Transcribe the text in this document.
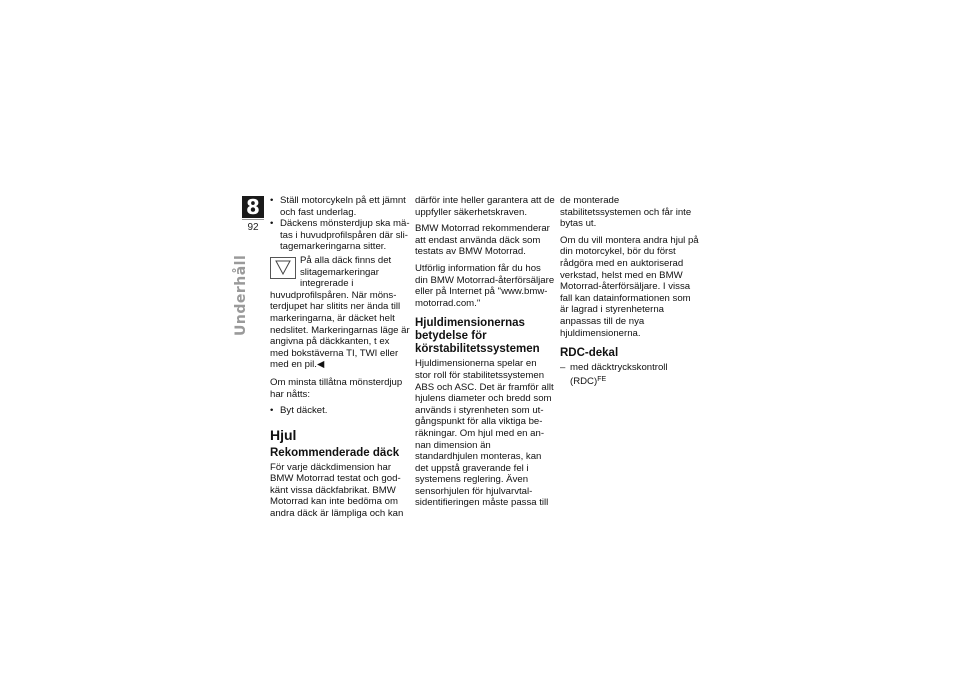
8
92
Underhåll

• Ställ motorcykeln på ett jämnt och fast underlag.

• Däckens mönsterdjup ska mätas i huvudprofilspåren där slitagemarkeringarna sitter.

På alla däck finns det slitagemarkeringar integrerade i huvudprofilspåren. När mönsterdjupet har slitits ner ända till markeringarna, är däcket helt nedslitet. Markeringarnas läge är angivna på däckkanten, t ex med bokstäverna TI, TWI eller med en pil.◀

Om minsta tillåtna mönsterdjup har nåtts:

• Byt däcket.

Hjul
Rekommenderade däck

För varje däckdimension har BMW Motorrad testat och godkänt vissa däckfabrikat. BMW Motorrad kan inte bedöma om andra däck är lämpliga och kan

därför inte heller garantera att de uppfyller säkerhetskraven.

BMW Motorrad rekommenderar att endast använda däck som testats av BMW Motorrad.

Utförlig information får du hos din BMW Motorrad-återförsäljare eller på Internet på "www.bmw-motorrad.com."

Hjuldimensionernas betydelse för körstabilitetssystemen

Hjuldimensionerna spelar en stor roll för stabilitetssystemen ABS och ASC. Det är framför allt hjulens diameter och bredd som används i styrenheten som utgångspunkt för alla viktiga beräkningar. Om hjul med en annan dimension än standardhjulen monteras, kan det uppstå graverande fel i systemens reglering. Även sensorhjulen för hjulvarvtalsidentifieringen måste passa till

de monterade stabilitetssystemen och får inte bytas ut.

Om du vill montera andra hjul på din motorcykel, bör du först rådgöra med en auktoriserad verkstad, helst med en BMW Motorrad-återförsäljare. I vissa fall kan datainformationen som är lagrad i styrenheterna anpassas till de nya hjuldimensionerna.

RDC-dekal

– med däcktryckskontroll (RDC)$^{FE}$
